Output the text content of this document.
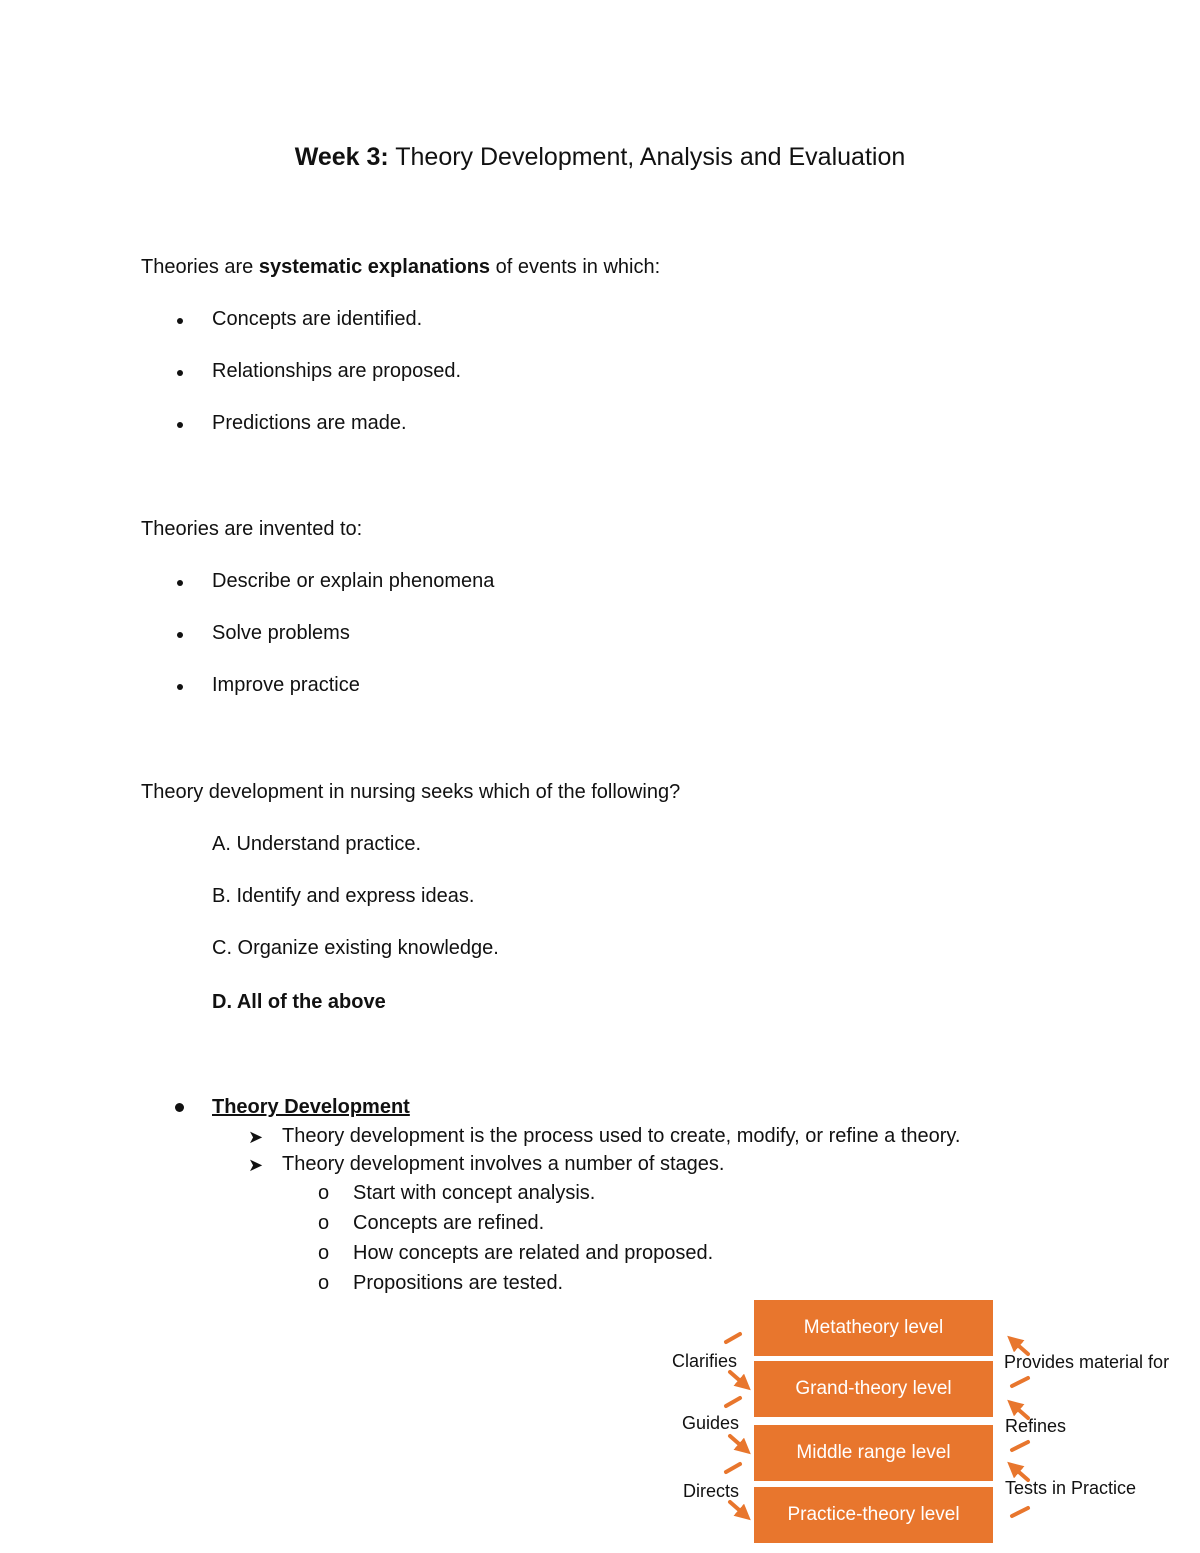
Week 3: Theory Development, Analysis and Evaluation
Theories are systematic explanations of events in which:
Concepts are identified.
Relationships are proposed.
Predictions are made.
Theories are invented to:
Describe or explain phenomena
Solve problems
Improve practice
Theory development in nursing seeks which of the following?
A. Understand practice.
B. Identify and express ideas.
C. Organize existing knowledge.
D. All of the above
Theory Development
➤ Theory development is the process used to create, modify, or refine a theory.
➤ Theory development involves a number of stages.
o Start with concept analysis.
o Concepts are refined.
o How concepts are related and proposed.
o Propositions are tested.
Metatheory level
Grand-theory level
Middle range level
Practice-theory level
Clarifies
Guides
Directs
Provides material for
Refines
Tests in Practice
